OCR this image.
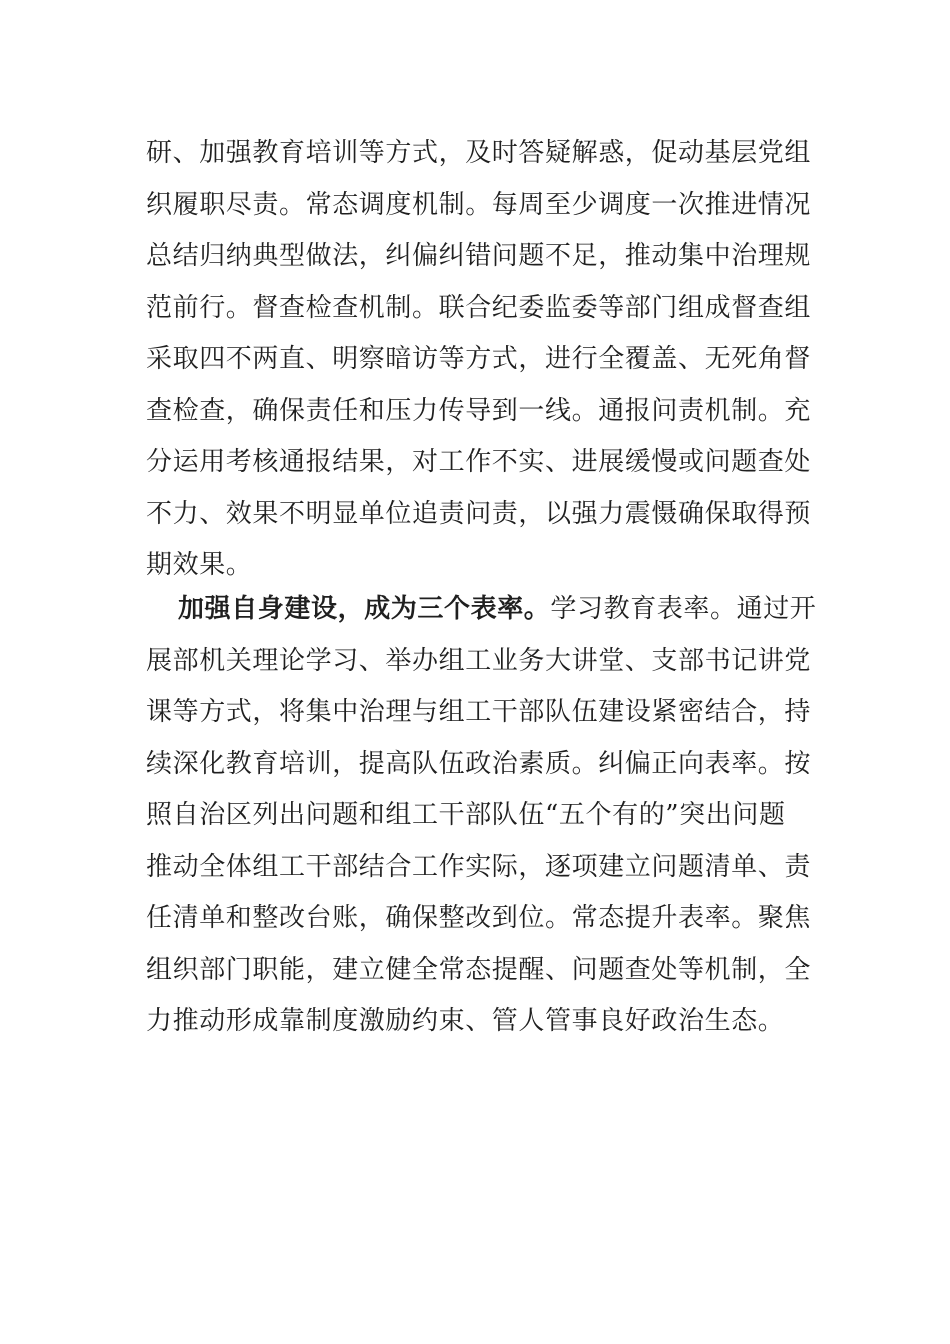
研、加强教育培训等方式，及时答疑解惑，促动基层党组
织履职尽责。常态调度机制。每周至少调度一次推进情况
总结归纳典型做法，纠偏纠错问题不足，推动集中治理规
范前行。督查检查机制。联合纪委监委等部门组成督查组
采取四不两直、明察暗访等方式，进行全覆盖、无死角督
查检查，确保责任和压力传导到一线。通报问责机制。充
分运用考核通报结果，对工作不实、进展缓慢或问题查处
不力、效果不明显单位追责问责，以强力震慑确保取得预
期效果。
加强自身建设，成为三个表率。学习教育表率。通过开
展部机关理论学习、举办组工业务大讲堂、支部书记讲党
课等方式，将集中治理与组工干部队伍建设紧密结合，持
续深化教育培训，提高队伍政治素质。纠偏正向表率。按
照自治区列出问题和组工干部队伍“五个有的”突出问题
推动全体组工干部结合工作实际，逐项建立问题清单、责
任清单和整改台账，确保整改到位。常态提升表率。聚焦
组织部门职能，建立健全常态提醒、问题查处等机制，全
力推动形成靠制度激励约束、管人管事良好政治生态。
